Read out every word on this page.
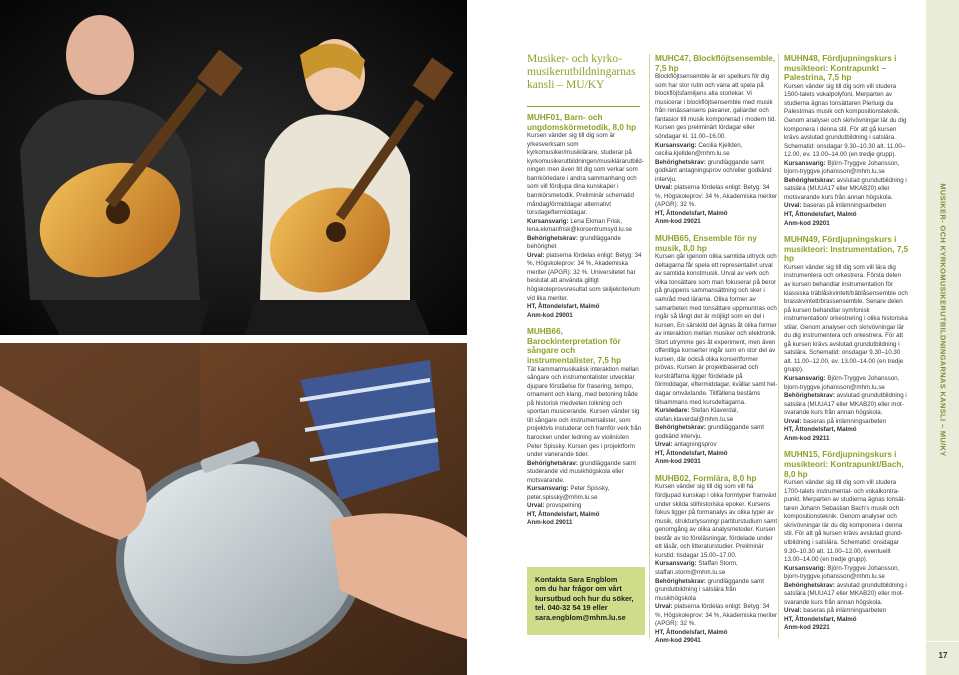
Musiker- och kyrkomusikerutbildningarnas kansli – MU/KY

MUHF01, Barn- och ungdomskörmetodik, 8,0 hp

Kursen vänder sig till dig som är yrkesverksam som kyrkomusiker/musiklärare, studerar på kyrkomusikerutbildningen/musiklärarutbildningen men även till dig som verkar som barnkörledare i andra sammanhang och som vill fördjupa dina kunskaper i barnkörsmetodik. Preliminär schematid måndagförmiddagar alternativt torsdageftermiddagar.

Kursansvarig: Lena Ekman Frisk, lena.ekmanfrisk@korcentrumsyd.lu.se

Behörighetskrav: grundläggande behörighet

Urval: platserna fördelas enligt: Betyg: 34 %, Högskoleprov: 34 %, Akademiska meriter (APGR): 32 %. Universitetet har beslutat att använda giltigt högskoleprovsresultat som skiljekriterium vid lika meriter.

HT, Åttondelsfart, Malmö

Anm-kod 29001

MUHB66, Barockinterpretation för sångare och instrumentalister, 7,5 hp

Tät kammarmusikalisk interaktion mellan sångare och instrumentalister utvecklar djupare förståelse för frasering, tempo, ornament och klang, med betoning både på historisk medveten tolkning och spontan musicerande. Kursen vänder sig till sångare och instrumentalister, som projektvis instuderar och framför verk från barocken under ledning av violinisten Peter Spissky. Kursen ges i projektform under varierande tider.

Behörighetskrav: grundläggande samt studerande vid musikhögskola eller motsvarande.

Kursansvarig: Peter Spissky, peter.spissky@mhm.lu.se

Urval: provspelning

HT, Åttondelsfart, Malmö

Anm-kod 29011

Kontakta Sara Engblom
om du har frågor om vårt
kursutbud och hur du söker,
tel. 040-32 54 19 eller
sara.engblom@mhm.lu.se

MUHC47, Blockflöjtsensemble, 7,5 hp

Blockflöjtsensemble är en spelkurs för dig som har stor rutin och vana att spela på blockflöjtsfamiljens alla storlekar. Vi musicerar i blockflöjtsensemble med musik från renässansens pavaner, galiarder och fantasior till musik komponerad i modern tid. Kursen ges preliminärt lördagar eller söndagar kl. 11.00–16.00.

Kursansvarig: Cecilia Kjellden, cecilia.kjellden@mhm.lu.se

Behörighetskrav: grundläggande samt godkänt antagningsprov och/eller godkänd intervju.

Urval: platserna fördelas enligt: Betyg: 34 %, Högskoleprov: 34 %, Akademiska meriter (APGR): 32 %.

HT, Åttondelsfart, Malmö

Anm-kod 29021

MUHB65, Ensemble för ny musik, 8,0 hp

Kursen går igenom olika samtida uttryck och deltagarna får spela ett representativt urval av samtida konstmusik. Urval av verk och vilka tonsättare som man fokuserar på beror på gruppens sammansättning och sker i samråd med lärarna. Olika former av samarbeten med tonsättare uppmuntras och ingår så långt det är möjligt som en del i kursen. En särskild del ägnas åt olika former av interaktion mellan musiker och elektronik. Stort utrymme ges åt experiment, men även offentliga konserter ingår som en stor del av kursen, där också olika konsertformer prövas. Kursen är projektbaserad och kursträffarna ligger fördelade på förmiddagar, eftermiddagar, kvällar samt heldagar omväxlande. Tillfällena bestäms tillsammans med kursdeltagarna.

Kursledare: Stefan Klaverdal, stefan.klaverdal@mhm.lu.se

Behörighetskrav: grundläggande samt godkänd intervju.

Urval: antagningsprov

HT, Åttondelsfart, Malmö

Anm-kod 29031

MUHB02, Formlära, 8,0 hp

Kursen vänder sig till dig som vill ha fördjupad kunskap i olika formtyper framväxt under skilda stilhistoriska epoker. Kursens fokus ligger på formanalys av olika typer av musik, strukturlyssning/ partiturstudium samt genomgång av olika analysmetoder. Kursen består av tio föreläsningar, fördelade under ett läsår, och litteraturstudier. Preliminär kurstid: tisdagar 15.00–17.00.

Kursansvarig: Staffan Storm, staffan.storm@mhm.lu.se

Behörighetskrav: grundläggande samt grundutbildning i satslära från musikhögskola

Urval: platserna fördelas enligt: Betyg: 34 %, Högskoleprov: 34 %, Akademiska meriter (APGR): 32 %.

HT, Åttondelsfart, Malmö

Anm-kod 29041

MUHN48, Fördjupningskurs i musikteori: Kontrapunkt – Palestrina, 7,5 hp

Kursen vänder sig till dig som vill studera 1500-talets vokalpolyfoni. Merparten av studierna ägnas tonsättaren Pierluigi da Palestrinas musik och kompositionsteknik. Genom analyser och skrivövningar lär du dig komponera i denna stil. För att gå kursen krävs avslutad grundutbildning i satslära. Schematid: onsdagar 9.30–10.30 alt. 11.00–12.00, ev. 13.00–14.00 (en tredje grupp).

Kursansvarig: Björn-Tryggve Johansson, bjorn-tryggve.johansson@mhm.lu.se

Behörighetskrav: avslutad grundutbildning i satslära (MUUA17 eller MKAB20) eller motsvarande kurs från annan högskola.

Urval: baseras på inlämningsarbeten

HT, Åttondelsfart, Malmö

Anm-kod 29201

MUHN49, Fördjupningskurs i musikteori: Instrumentation, 7,5 hp

Kursen vänder sig till dig som vill lära dig instrumentera och orkestrera. Första delen av kursen behandlar instrumentation för klassiska träblåskvintett/träblåsensemble och brasskvintett/brassensemble. Senare delen på kursen behandlar symfonisk instrumentation/ orkestrering i olika historiska stilar. Genom analyser och skrivövningar lär du dig instrumentera och orkestrera. För att gå kursen krävs avslutad grundutbildning i satslära. Schematid: onsdagar 9.30–10.30 alt. 11.00–12.00, ev. 13.00–14.00 (en tredje grupp).

Kursansvarig: Björn-Tryggve Johansson, bjorn-tryggve.johansson@mhm.lu.se

Behörighetskrav: avslutad grundutbildning i satslära (MUUA17 eller MKAB20) eller motsvarande kurs från annan högskola.

Urval: baseras på inlämningsarbeten

HT, Åttondelsfart, Malmö

Anm-kod 29211

MUHN15, Fördjupningskurs i musikteori: Kontrapunkt/Bach, 8,0 hp

Kursen vänder sig till dig som vill studera 1700-talets instrumental- och vokalkontrapunkt. Merparten av studierna ägnas tonsättaren Johann Sebastian Bach's musik och kompositionsteknik. Genom analyser och skrivövningar lär du dig komponera i denna stil. För att gå kursen krävs avslutad grundutbildning i satslära. Schematid: onsdagar 9.30–10.30 alt. 11.00–12.00, eventuellt 13.00–14.00 (en tredje grupp).

Kursansvarig: Björn-Tryggve Johansson, bjorn-tryggve.johansson@mhm.lu.se

Behörighetskrav: avslutad grundutbildning i satslära (MUUA17 eller MKAB20) eller motsvarande kurs från annan högskola.

Urval: baseras på inlämningsarbeten

HT, Åttondelsfart, Malmö

Anm-kod 29221

MUSIKER- OCH KYRKOMUSIKERUTBILDNINGARNAS KANSLI – MU/KY
17
